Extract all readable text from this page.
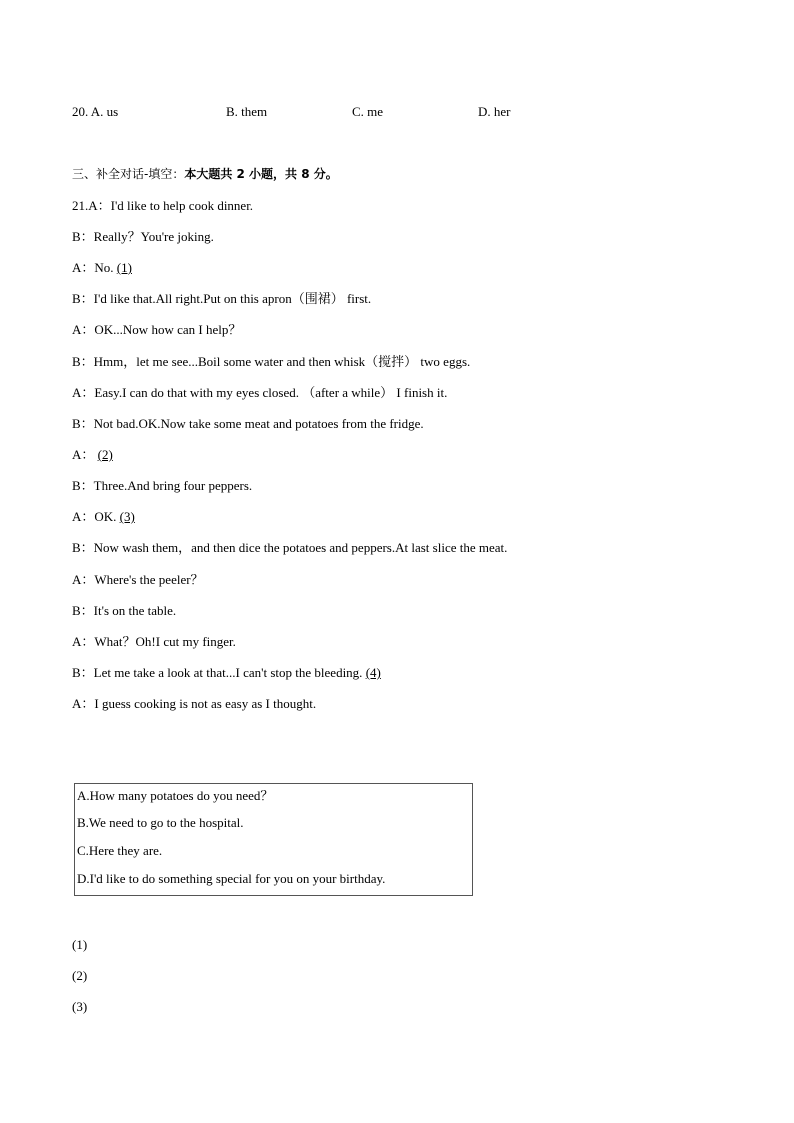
20. A. us	B. them	C. me	D. her
三、补全对话-填空：本大题共 2 小题，共 8 分。
21.A：I'd like to help cook dinner.
B：Really？You're joking.
A：No. (1)
B：I'd like that.All right.Put on this apron（围裙） first.
A：OK...Now how can I help？
B：Hmm，let me see...Boil some water and then whisk（搅拌） two eggs.
A：Easy.I can do that with my eyes closed. （after a while） I finish it.
B：Not bad.OK.Now take some meat and potatoes from the fridge.
A： (2)
B：Three.And bring four peppers.
A：OK. (3)
B：Now wash them，and then dice the potatoes and peppers.At last slice the meat.
A：Where's the peeler？
B：It's on the table.
A：What？Oh!I cut my finger.
B：Let me take a look at that...I can't stop the bleeding. (4)
A：I guess cooking is not as easy as I thought.
A.How many potatoes do you need？
B.We need to go to the hospital.
C.Here they are.
D.I'd like to do something special for you on your birthday.
(1)
(2)
(3)
